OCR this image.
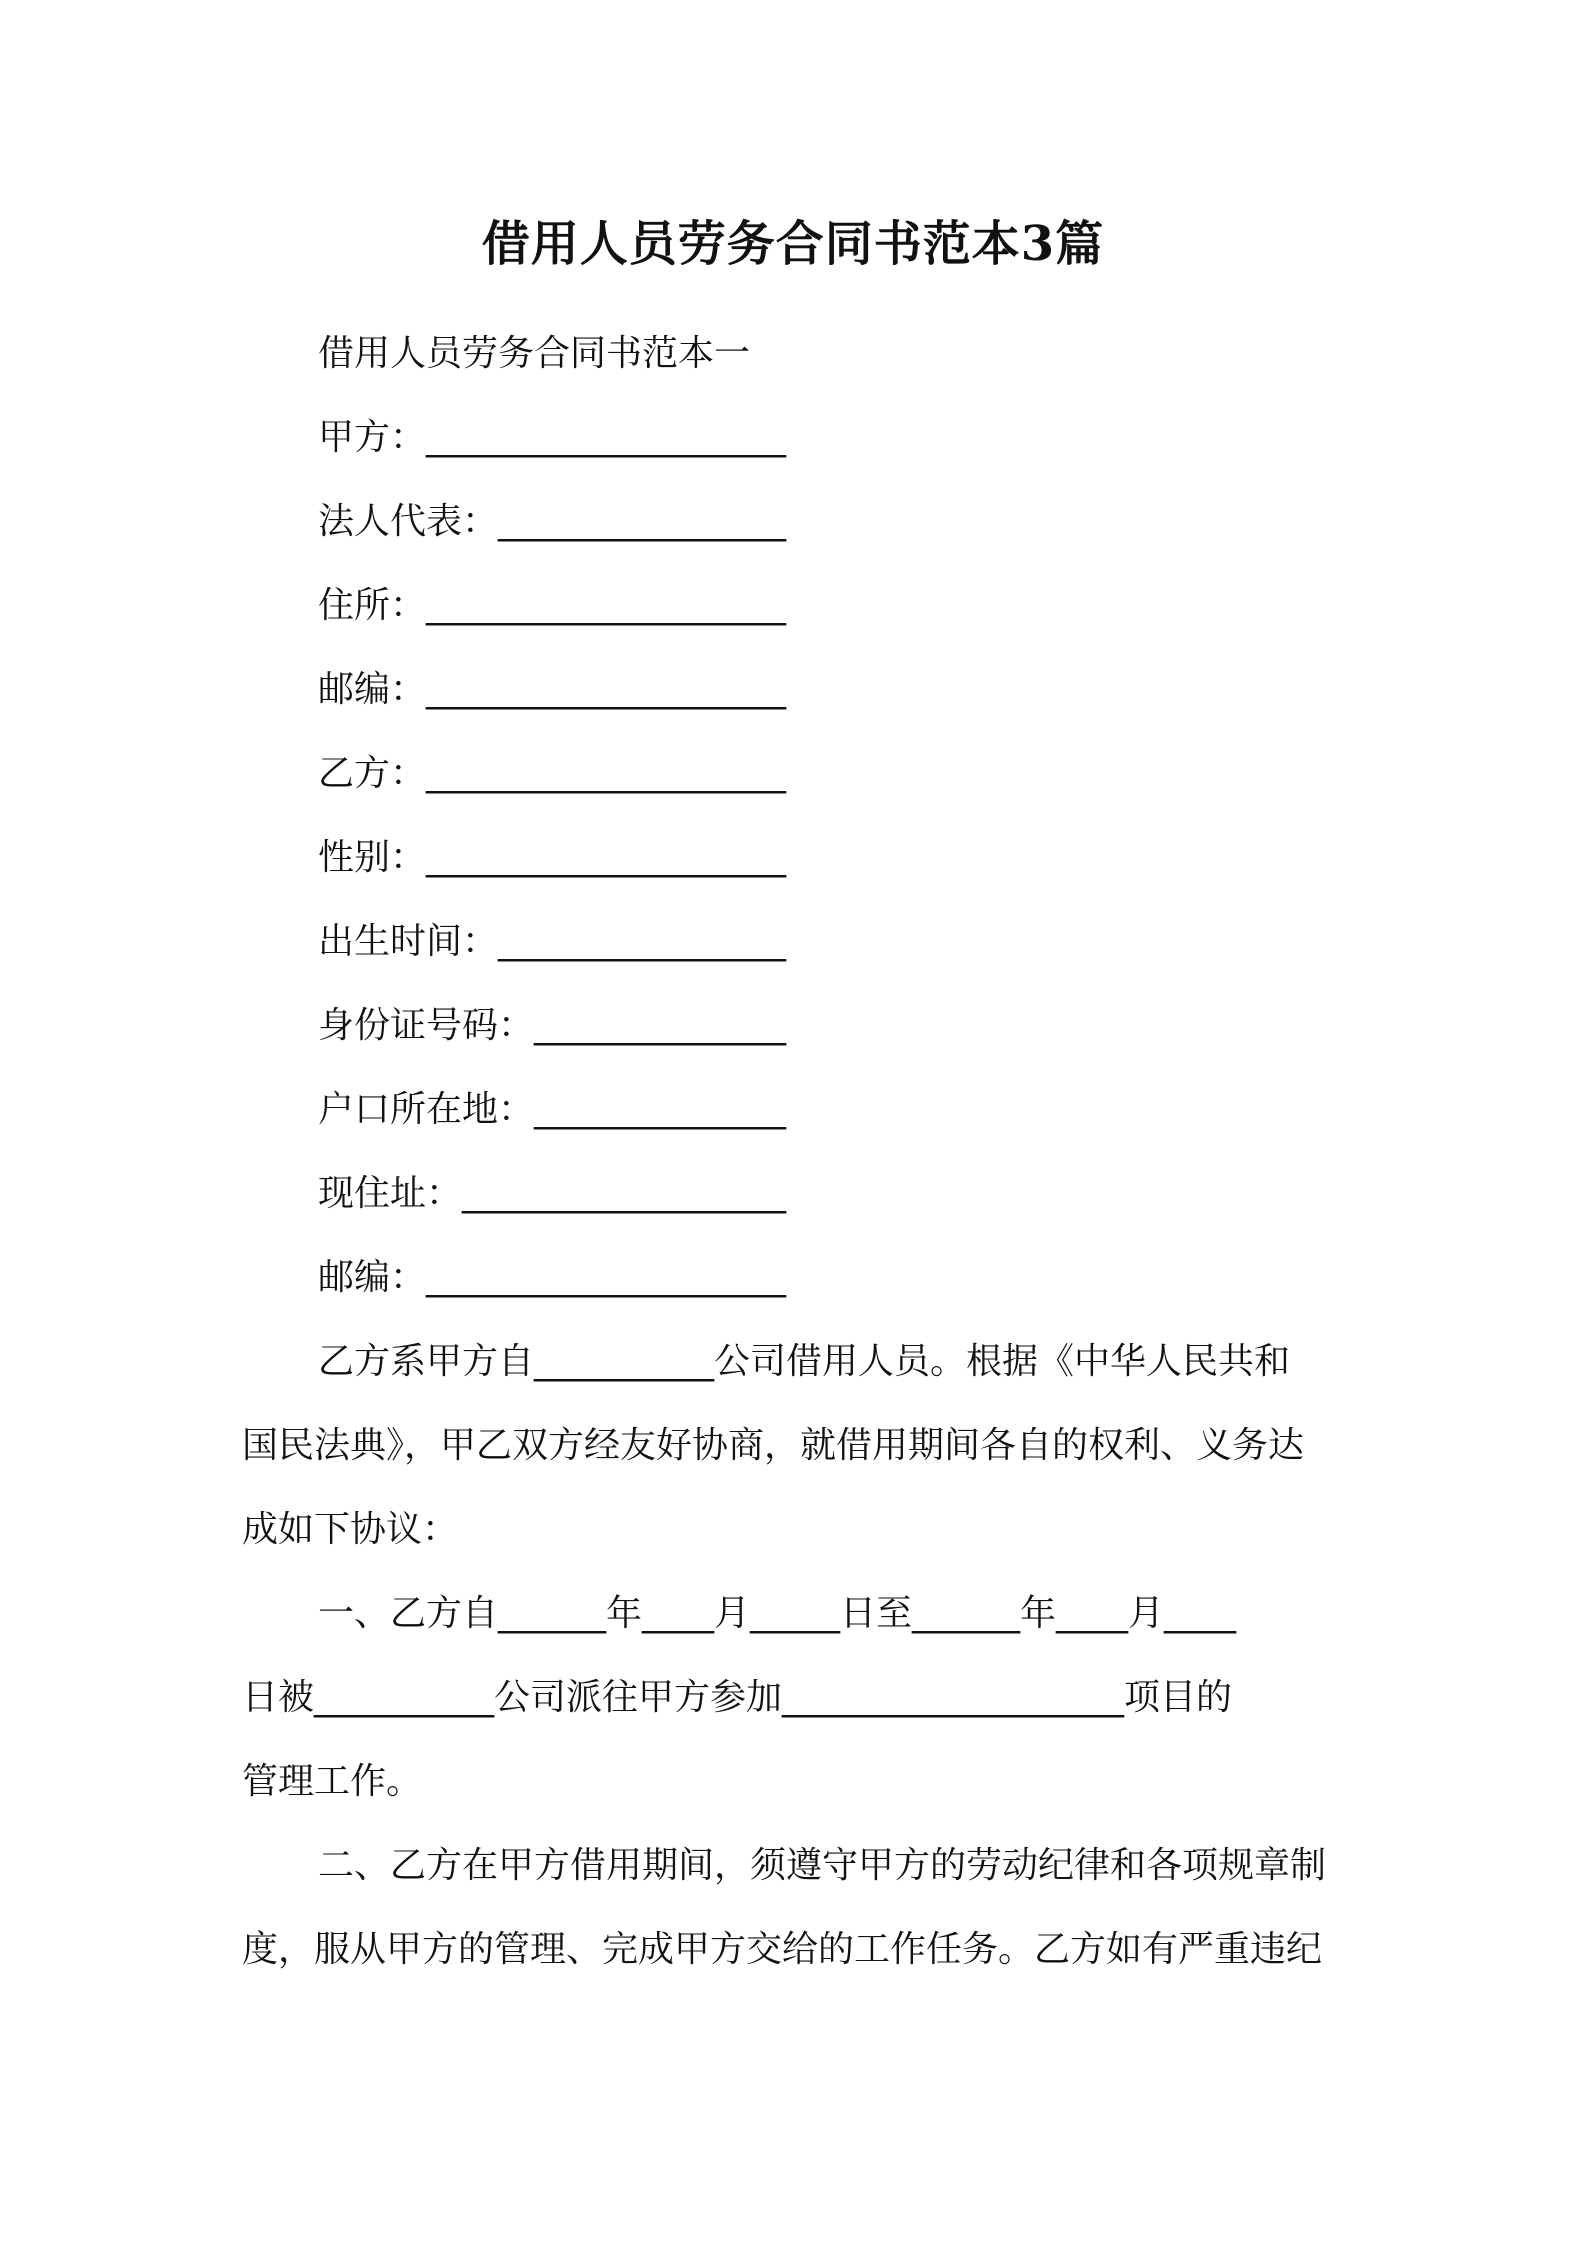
借用人员劳务合同书范本3篇
借用人员劳务合同书范本一
甲方：____________________
法人代表：________________
住所：____________________
邮编：____________________
乙方：____________________
性别：____________________
出生时间：________________
身份证号码：______________
户口所在地：______________
现住址：__________________
邮编：____________________
乙方系甲方自__________公司借用人员。根据《中华人民共和
国民法典》，甲乙双方经友好协商，就借用期间各自的权利、义务达
成如下协议：
一、乙方自______年____月_____日至______年____月____
日被__________公司派往甲方参加___________________项目的
管理工作。
二、乙方在甲方借用期间，须遵守甲方的劳动纪律和各项规章制
度，服从甲方的管理、完成甲方交给的工作任务。乙方如有严重违纪
